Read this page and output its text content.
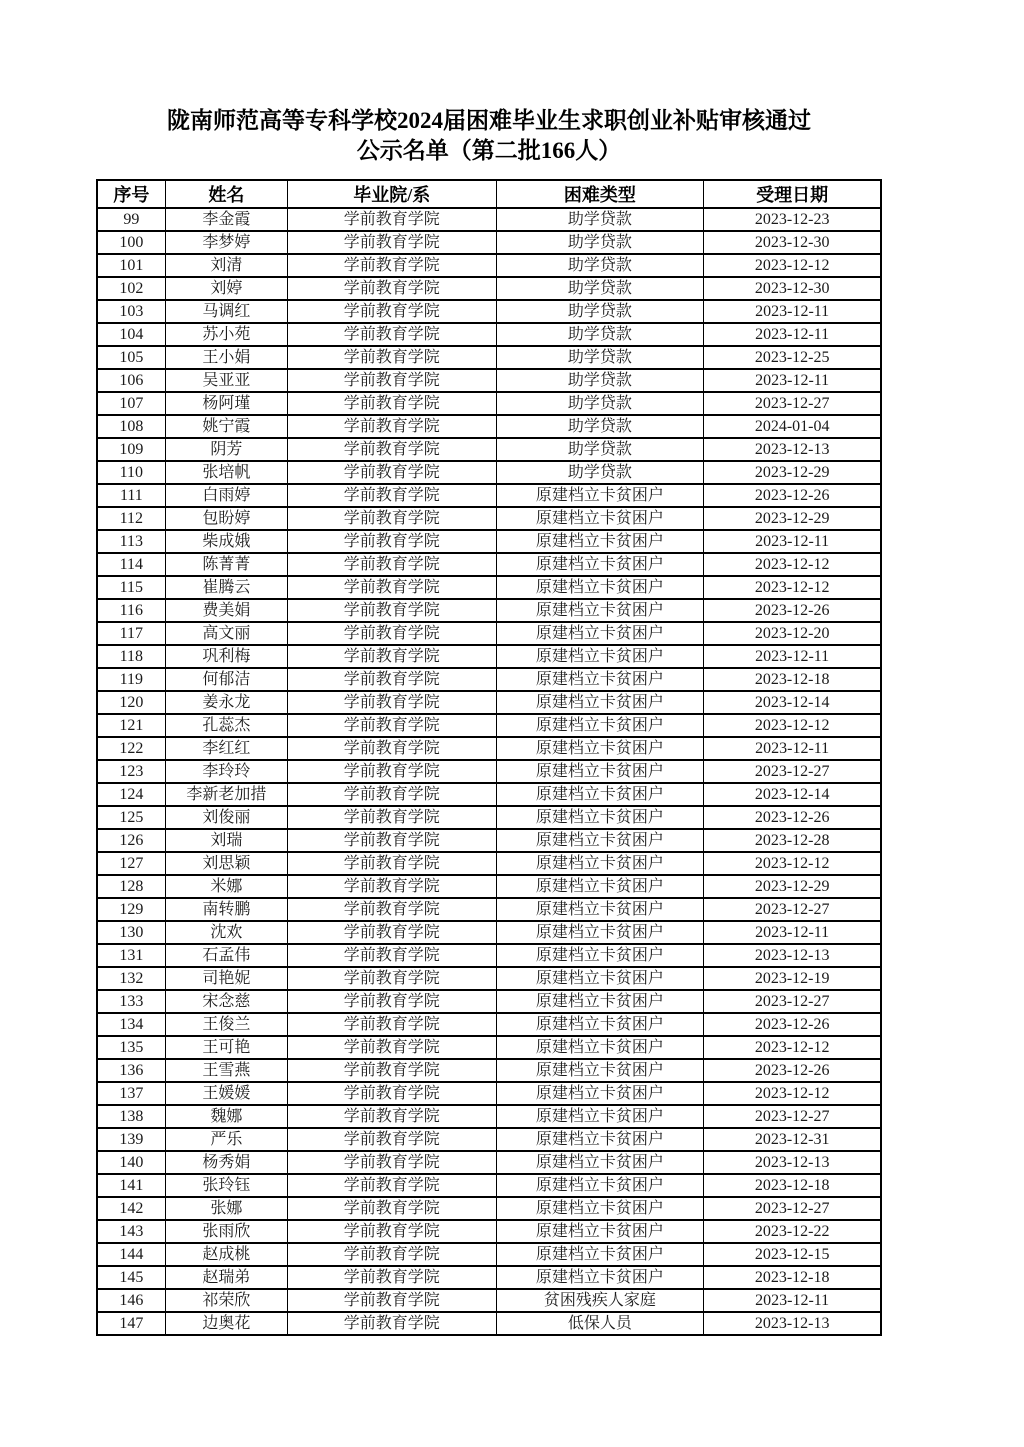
陇南师范高等专科学校2024届困难毕业生求职创业补贴审核通过
公示名单（第二批166人）
序号	姓名	毕业院/系	困难类型	受理日期
99	李金霞	学前教育学院	助学贷款	2023-12-23
100	李梦婷	学前教育学院	助学贷款	2023-12-30
101	刘清	学前教育学院	助学贷款	2023-12-12
102	刘婷	学前教育学院	助学贷款	2023-12-30
103	马调红	学前教育学院	助学贷款	2023-12-11
104	苏小苑	学前教育学院	助学贷款	2023-12-11
105	王小娟	学前教育学院	助学贷款	2023-12-25
106	吴亚亚	学前教育学院	助学贷款	2023-12-11
107	杨阿瑾	学前教育学院	助学贷款	2023-12-27
108	姚宁霞	学前教育学院	助学贷款	2024-01-04
109	阴芳	学前教育学院	助学贷款	2023-12-13
110	张培帆	学前教育学院	助学贷款	2023-12-29
111	白雨婷	学前教育学院	原建档立卡贫困户	2023-12-26
112	包盼婷	学前教育学院	原建档立卡贫困户	2023-12-29
113	柴成娥	学前教育学院	原建档立卡贫困户	2023-12-11
114	陈菁菁	学前教育学院	原建档立卡贫困户	2023-12-12
115	崔腾云	学前教育学院	原建档立卡贫困户	2023-12-12
116	费美娟	学前教育学院	原建档立卡贫困户	2023-12-26
117	高文丽	学前教育学院	原建档立卡贫困户	2023-12-20
118	巩利梅	学前教育学院	原建档立卡贫困户	2023-12-11
119	何郁洁	学前教育学院	原建档立卡贫困户	2023-12-18
120	姜永龙	学前教育学院	原建档立卡贫困户	2023-12-14
121	孔蕊杰	学前教育学院	原建档立卡贫困户	2023-12-12
122	李红红	学前教育学院	原建档立卡贫困户	2023-12-11
123	李玲玲	学前教育学院	原建档立卡贫困户	2023-12-27
124	李新老加措	学前教育学院	原建档立卡贫困户	2023-12-14
125	刘俊丽	学前教育学院	原建档立卡贫困户	2023-12-26
126	刘瑞	学前教育学院	原建档立卡贫困户	2023-12-28
127	刘思颖	学前教育学院	原建档立卡贫困户	2023-12-12
128	米娜	学前教育学院	原建档立卡贫困户	2023-12-29
129	南转鹏	学前教育学院	原建档立卡贫困户	2023-12-27
130	沈欢	学前教育学院	原建档立卡贫困户	2023-12-11
131	石孟伟	学前教育学院	原建档立卡贫困户	2023-12-13
132	司艳妮	学前教育学院	原建档立卡贫困户	2023-12-19
133	宋念慈	学前教育学院	原建档立卡贫困户	2023-12-27
134	王俊兰	学前教育学院	原建档立卡贫困户	2023-12-26
135	王可艳	学前教育学院	原建档立卡贫困户	2023-12-12
136	王雪燕	学前教育学院	原建档立卡贫困户	2023-12-26
137	王媛媛	学前教育学院	原建档立卡贫困户	2023-12-12
138	魏娜	学前教育学院	原建档立卡贫困户	2023-12-27
139	严乐	学前教育学院	原建档立卡贫困户	2023-12-31
140	杨秀娟	学前教育学院	原建档立卡贫困户	2023-12-13
141	张玲钰	学前教育学院	原建档立卡贫困户	2023-12-18
142	张娜	学前教育学院	原建档立卡贫困户	2023-12-27
143	张雨欣	学前教育学院	原建档立卡贫困户	2023-12-22
144	赵成桃	学前教育学院	原建档立卡贫困户	2023-12-15
145	赵瑞弟	学前教育学院	原建档立卡贫困户	2023-12-18
146	祁荣欣	学前教育学院	贫困残疾人家庭	2023-12-11
147	边奥花	学前教育学院	低保人员	2023-12-13
